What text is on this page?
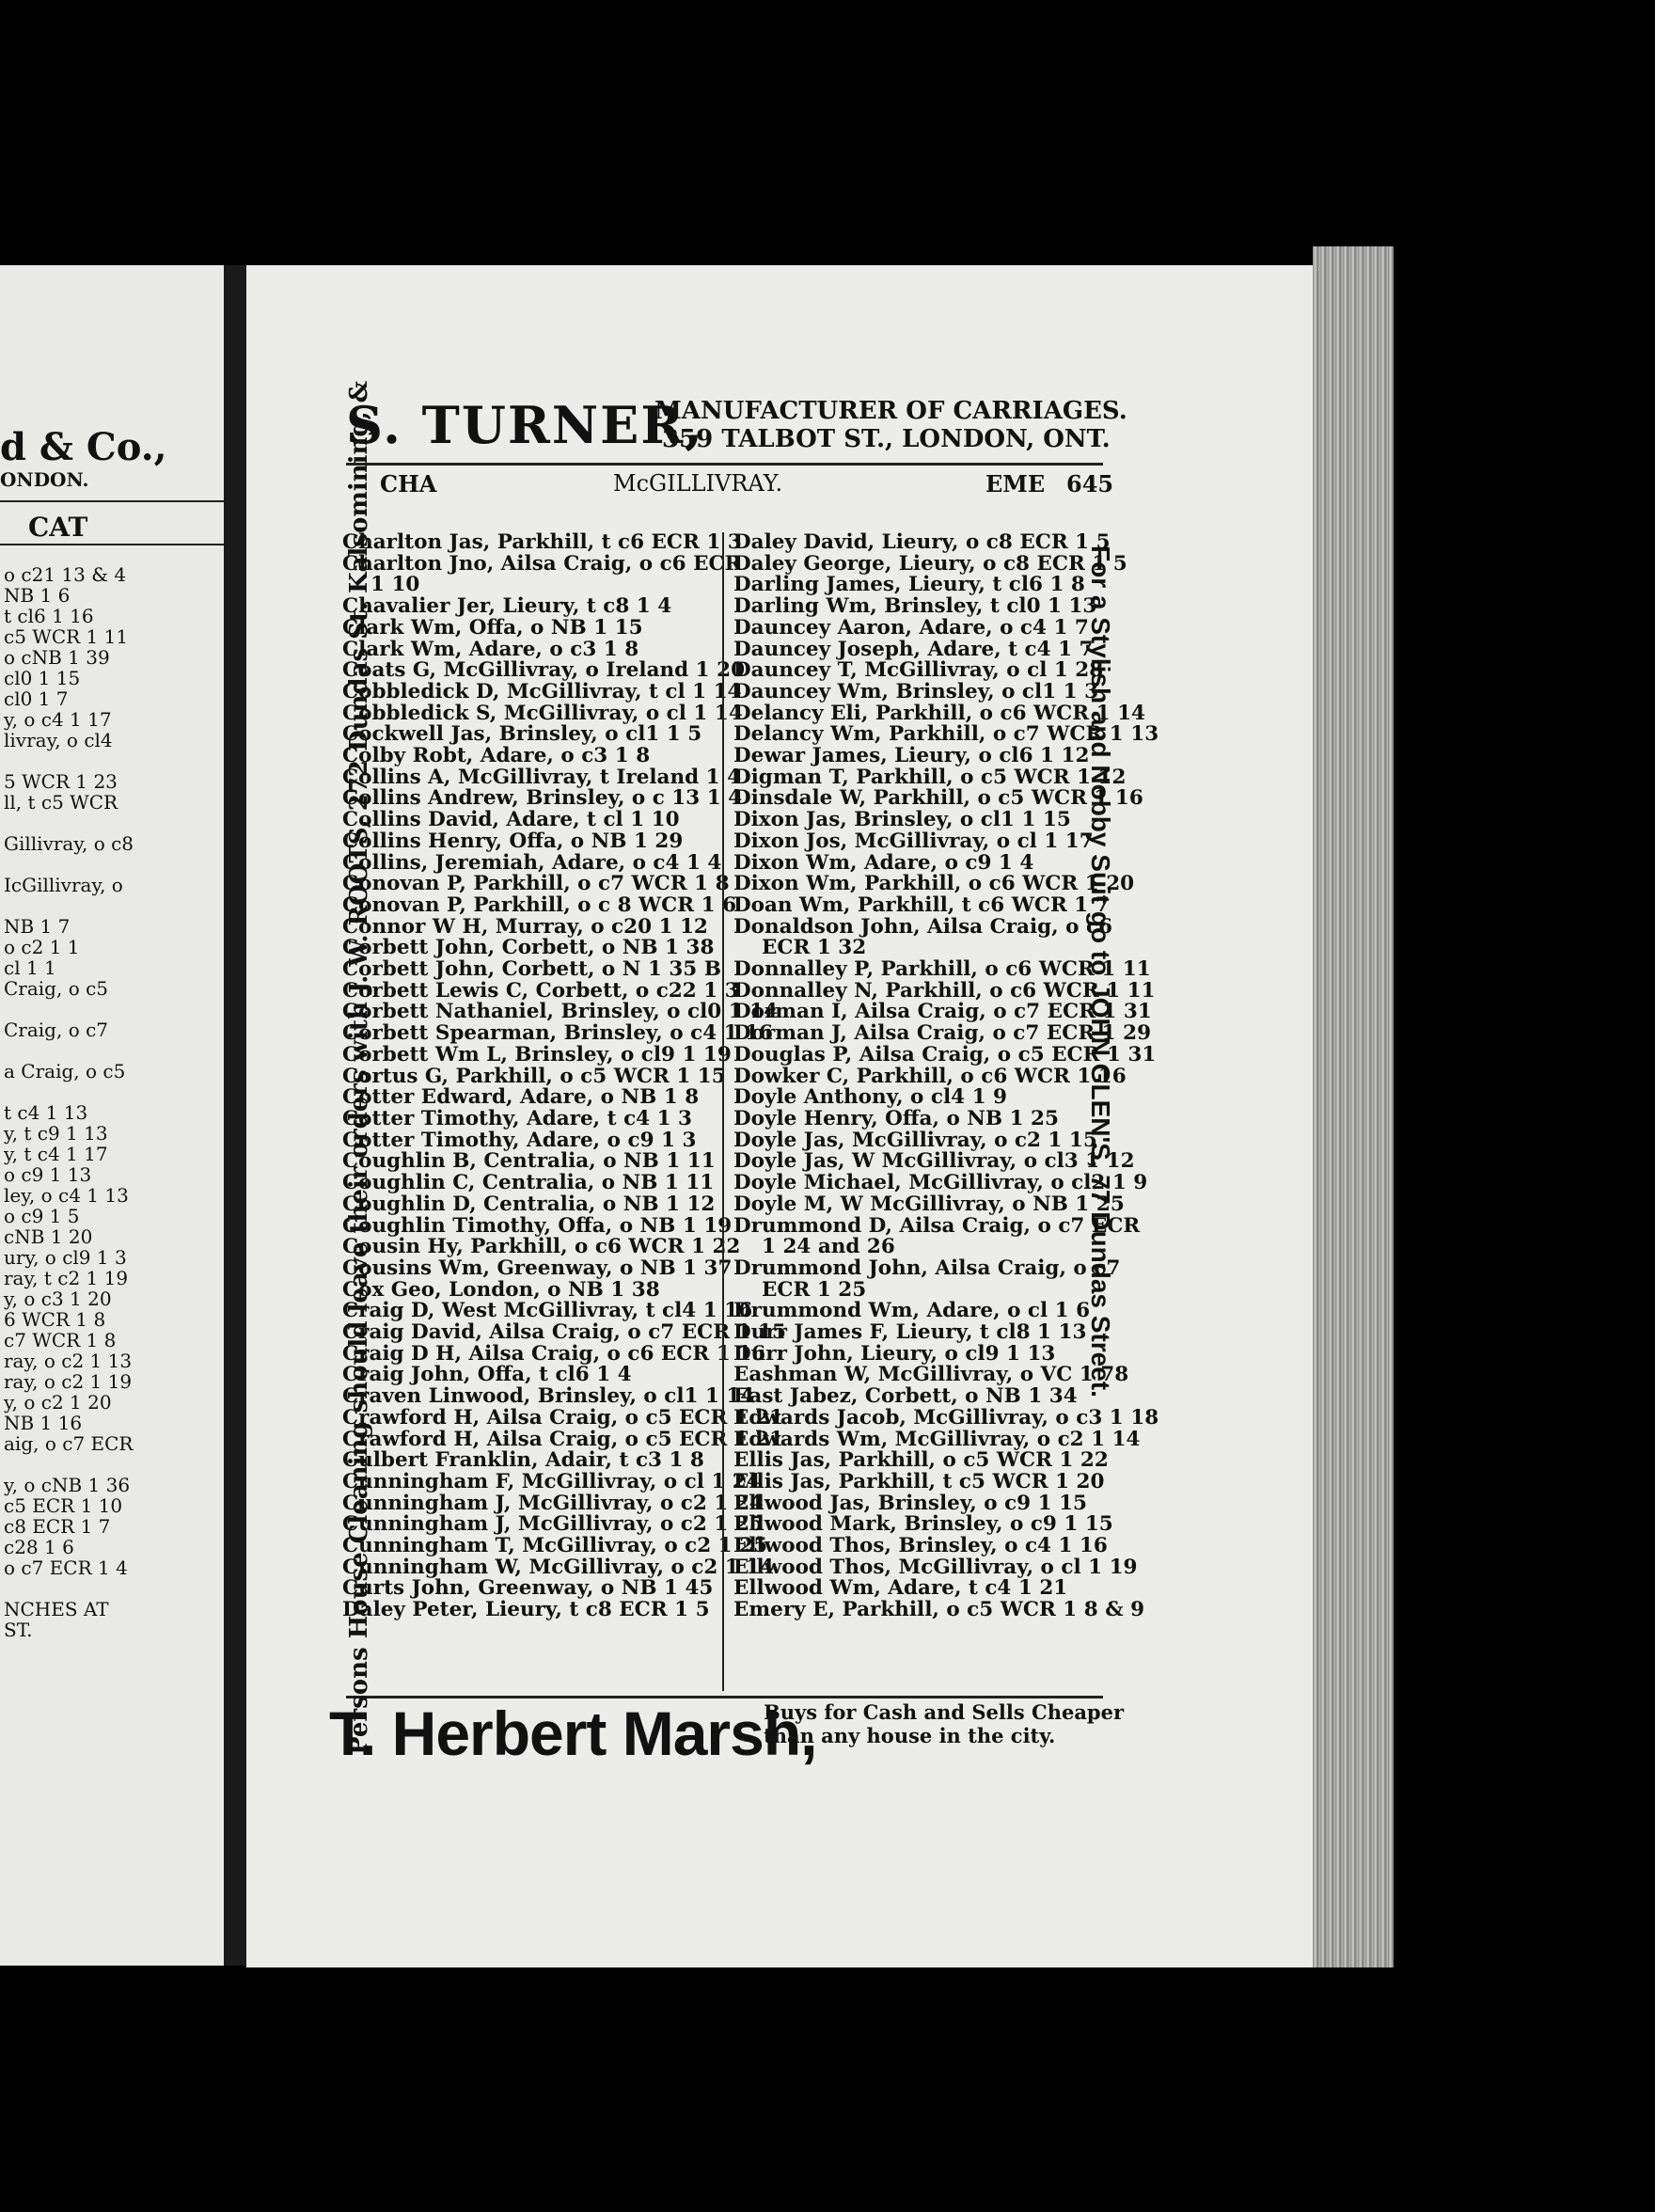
d & Co.,
ONDON.
CAT
o c21 13 & 4
NB 1 6
t cl6 1 16
c5 WCR 1 11
o cNB 1 39
cl0 1 15
cl0 1 7
y, o c4 1 17
livray, o cl4
5 WCR 1 23
ll, t c5 WCR
Gillivray, o c8
IcGillivray, o
NB 1 7
o c2 1 1
cl 1 1
Craig, o c5
Craig, o c7
a Craig, o c5
t c4 1 13
y, t c9 1 13
y, t c4 1 17
o c9 1 13
ley, o c4 1 13
o c9 1 5
cNB 1 20
ury, o cl9 1 3
ray, t c2 1 19
y, o c3 1 20
6 WCR 1 8
c7 WCR 1 8
ray, o c2 1 13
ray, o c2 1 19
y, o c2 1 20
NB 1 16
aig, o c7 ECR
y, o cNB 1 36
c5 ECR 1 10
c8 ECR 1 7
c28 1 6
o c7 ECR 1 4
NCHES AT
ST.
S. TURNER,
MANUFACTURER OF CARRIAGES.
359 TALBOT ST., LONDON, ONT.
CHA	McGILLIVRAY.	EME 645
Charlton Jas, Parkhill, t c6 ECR 1 3
Charlton Jno, Ailsa Craig, o c6 ECR
1 10
Chavalier Jer, Lieury, t c8 1 4
Clark Wm, Offa, o NB 1 15
Clark Wm, Adare, o c3 1 8
Coats G, McGillivray, o Ireland 1 20
Cobbledick D, McGillivray, t cl 1 14
Cobbledick S, McGillivray, o cl 1 14
Cockwell Jas, Brinsley, o cl1 1 5
Colby Robt, Adare, o c3 1 8
Collins A, McGillivray, t Ireland 1 4
Collins Andrew, Brinsley, o c 13 1 4
Collins David, Adare, t cl 1 10
Collins Henry, Offa, o NB 1 29
Collins, Jeremiah, Adare, o c4 1 4
Conovan P, Parkhill, o c7 WCR 1 8
Conovan P, Parkhill, o c 8 WCR 1 6
Connor W H, Murray, o c20 1 12
Corbett John, Corbett, o NB 1 38
Corbett John, Corbett, o N 1 35 B
Corbett Lewis C, Corbett, o c22 1 3
Corbett Nathaniel, Brinsley, o cl0 1 14
Corbett Spearman, Brinsley, o c4 1 16
Corbett Wm L, Brinsley, o cl9 1 19
Cortus G, Parkhill, o c5 WCR 1 15
Cotter Edward, Adare, o NB 1 8
Cotter Timothy, Adare, t c4 1 3
Cotter Timothy, Adare, o c9 1 3
Coughlin B, Centralia, o NB 1 11
Coughlin C, Centralia, o NB 1 11
Coughlin D, Centralia, o NB 1 12
Coughlin Timothy, Offa, o NB 1 19
Cousin Hy, Parkhill, o c6 WCR 1 22
Cousins Wm, Greenway, o NB 1 37
Cox Geo, London, o NB 1 38
Craig D, West McGillivray, t cl4 1 16
Craig David, Ailsa Craig, o c7 ECR 1 15
Craig D H, Ailsa Craig, o c6 ECR 1 16
Craig John, Offa, t cl6 1 4
Craven Linwood, Brinsley, o cl1 1 14
Crawford H, Ailsa Craig, o c5 ECR 1 21
Crawford H, Ailsa Craig, o c5 ECR 1 21
Culbert Franklin, Adair, t c3 1 8
Cunningham F, McGillivray, o cl 1 24
Cunningham J, McGillivray, o c2 1 24
Cunningham J, McGillivray, o c2 1 25
Cunningham T, McGillivray, o c2 1 25
Cunningham W, McGillivray, o c2 1 14
Curts John, Greenway, o NB 1 45
Daley Peter, Lieury, t c8 ECR 1 5
Daley David, Lieury, o c8 ECR 1 5
Daley George, Lieury, o c8 ECR 1 5
Darling James, Lieury, t cl6 1 8
Darling Wm, Brinsley, t cl0 1 13
Dauncey Aaron, Adare, o c4 1 7
Dauncey Joseph, Adare, t c4 1 7
Dauncey T, McGillivray, o cl 1 28
Dauncey Wm, Brinsley, o cl1 1 3
Delancy Eli, Parkhill, o c6 WCR 1 14
Delancy Wm, Parkhill, o c7 WCR 1 13
Dewar James, Lieury, o cl6 1 12
Digman T, Parkhill, o c5 WCR 1 12
Dinsdale W, Parkhill, o c5 WCR 1 16
Dixon Jas, Brinsley, o cl1 1 15
Dixon Jos, McGillivray, o cl 1 17
Dixon Wm, Adare, o c9 1 4
Dixon Wm, Parkhill, o c6 WCR 1 20
Doan Wm, Parkhill, t c6 WCR 1 7
Donaldson John, Ailsa Craig, o c6
ECR 1 32
Donnalley P, Parkhill, o c6 WCR 1 11
Donnalley N, Parkhill, o c6 WCR 1 11
Dorman I, Ailsa Craig, o c7 ECR 1 31
Dorman J, Ailsa Craig, o c7 ECR 1 29
Douglas P, Ailsa Craig, o c5 ECR 1 31
Dowker C, Parkhill, o c6 WCR 1 16
Doyle Anthony, o cl4 1 9
Doyle Henry, Offa, o NB 1 25
Doyle Jas, McGillivray, o c2 1 15
Doyle Jas, W McGillivray, o cl3 1 12
Doyle Michael, McGillivray, o cl2 1 9
Doyle M, W McGillivray, o NB 1 25
Drummond D, Ailsa Craig, o c7 ECR
1 24 and 26
Drummond John, Ailsa Craig, o c7
ECR 1 25
Drummond Wm, Adare, o cl 1 6
Durr James F, Lieury, t cl8 1 13
Durr John, Lieury, o cl9 1 13
Eashman W, McGillivray, o VC 1 78
East Jabez, Corbett, o NB 1 34
Edwards Jacob, McGillivray, o c3 1 18
Edwards Wm, McGillivray, o c2 1 14
Ellis Jas, Parkhill, o c5 WCR 1 22
Ellis Jas, Parkhill, t c5 WCR 1 20
Ellwood Jas, Brinsley, o c9 1 15
Ellwood Mark, Brinsley, o c9 1 15
Ellwood Thos, Brinsley, o c4 1 16
Ellwood Thos, McGillivray, o cl 1 19
Ellwood Wm, Adare, t c4 1 21
Emery E, Parkhill, o c5 WCR 1 8 & 9
T. Herbert Marsh,
Buys for Cash and Sells Cheaper
than any house in the city.
Persons House Cleaning should leave their orders with J. W. ROOTS, 272 Dundas St. Kalsomining, &	For a Stylish and Nobby Suit go to JOHN GLEN'S, 77 Dundas Street.
